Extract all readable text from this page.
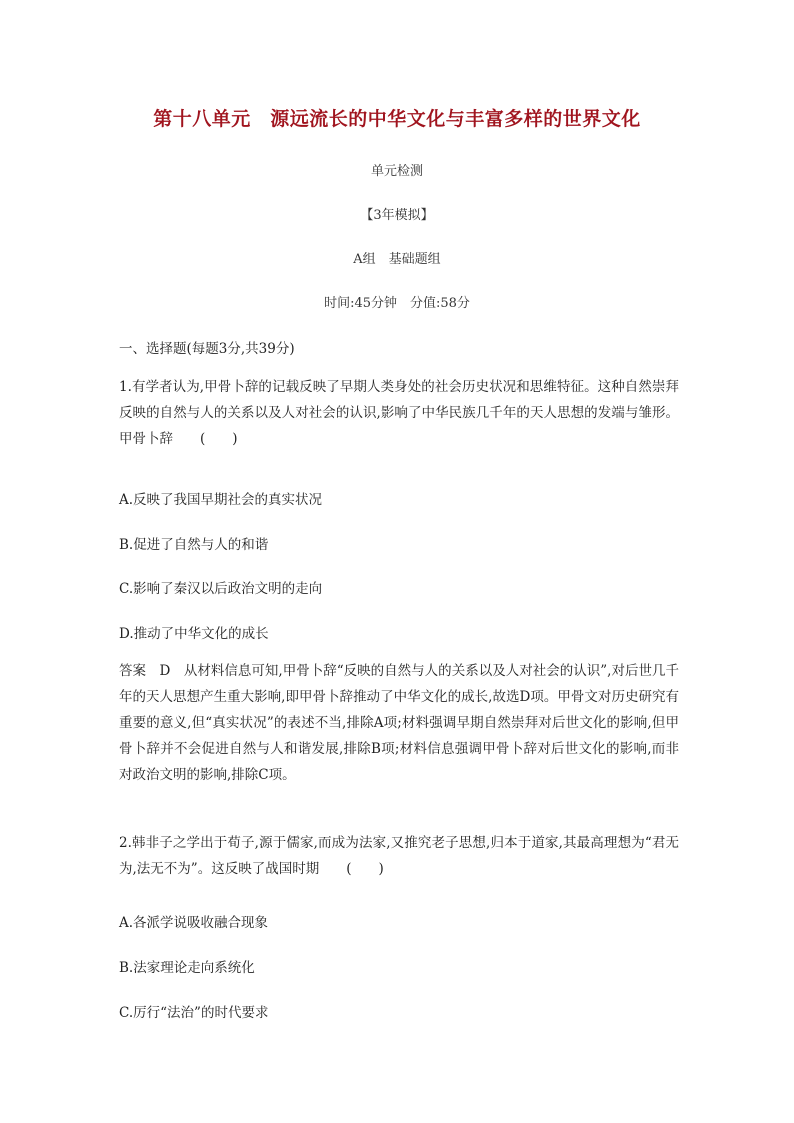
第十八单元　源远流长的中华文化与丰富多样的世界文化
单元检测
【3年模拟】
A组　基础题组
时间:45分钟　分值:58分
一、选择题(每题3分,共39分)
1.有学者认为,甲骨卜辞的记载反映了早期人类身处的社会历史状况和思维特征。这种自然崇拜反映的自然与人的关系以及人对社会的认识,影响了中华民族几千年的天人思想的发端与雏形。甲骨卜辞　　(　　)
A.反映了我国早期社会的真实状况
B.促进了自然与人的和谐
C.影响了秦汉以后政治文明的走向
D.推动了中华文化的成长
答案　D　从材料信息可知,甲骨卜辞“反映的自然与人的关系以及人对社会的认识”,对后世几千年的天人思想产生重大影响,即甲骨卜辞推动了中华文化的成长,故选D项。甲骨文对历史研究有重要的意义,但“真实状况”的表述不当,排除A项;材料强调早期自然崇拜对后世文化的影响,但甲骨卜辞并不会促进自然与人和谐发展,排除B项;材料信息强调甲骨卜辞对后世文化的影响,而非对政治文明的影响,排除C项。
2.韩非子之学出于荀子,源于儒家,而成为法家,又推究老子思想,归本于道家,其最高理想为“君无为,法无不为”。这反映了战国时期　　(　　)
A.各派学说吸收融合现象
B.法家理论走向系统化
C.厉行“法治”的时代要求
